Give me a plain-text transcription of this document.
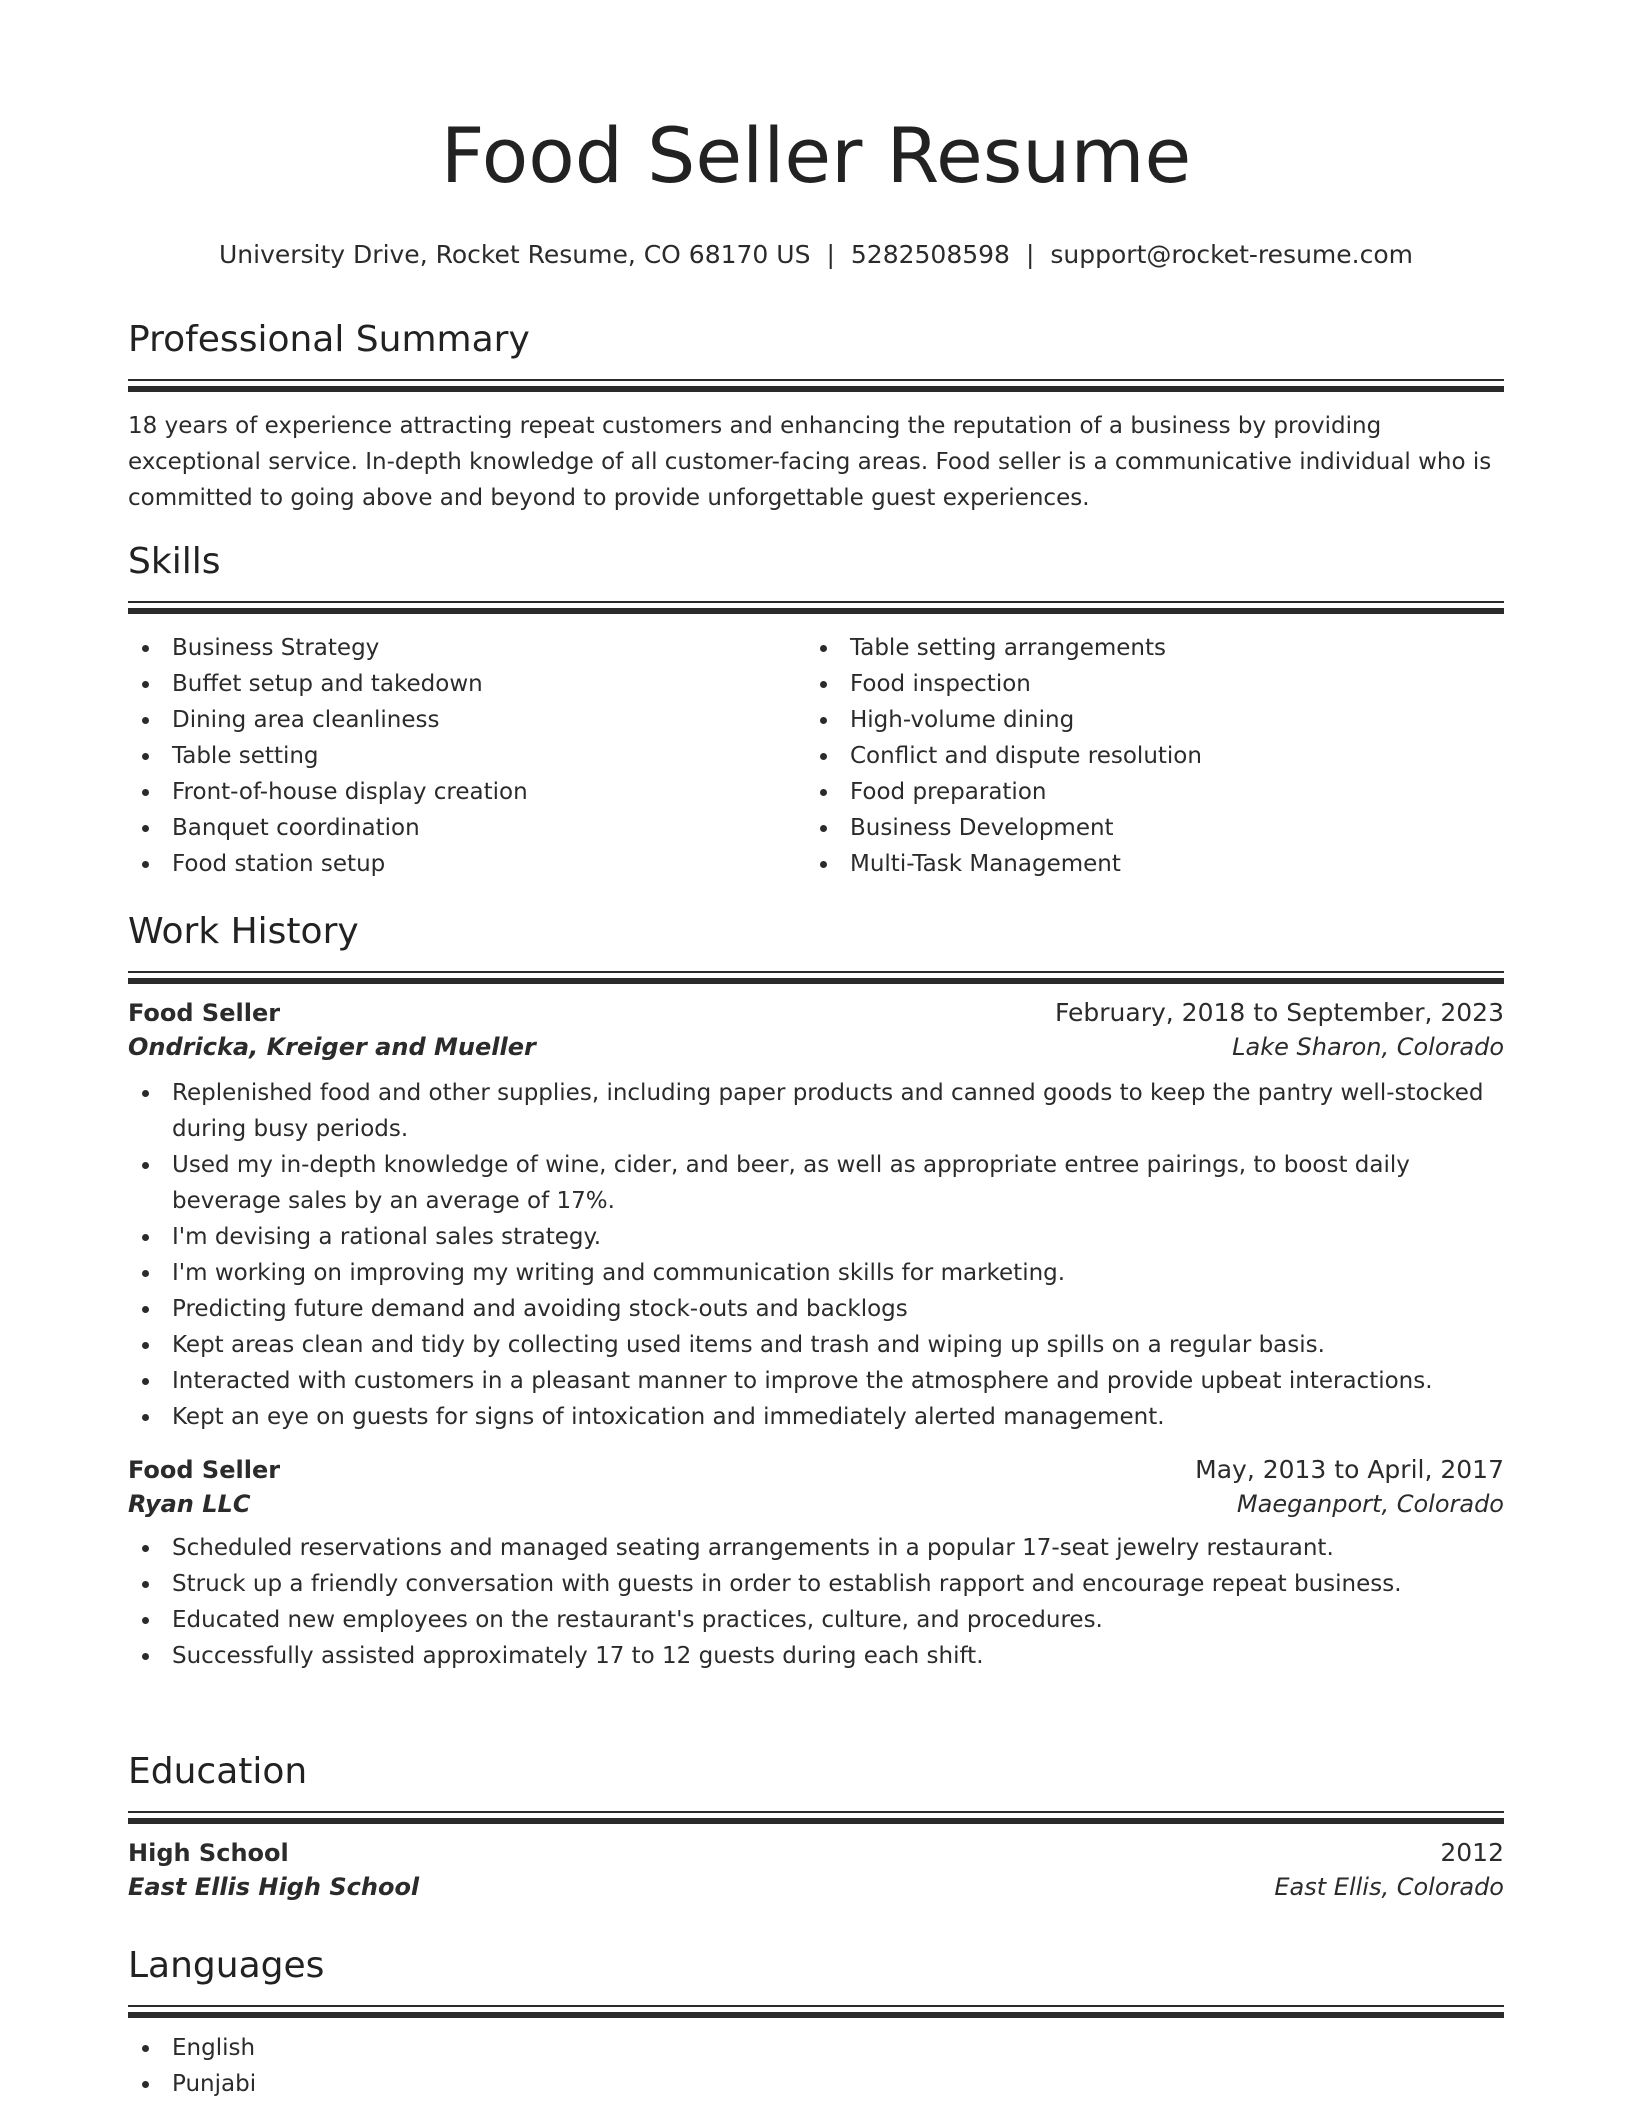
Food Seller Resume
University Drive, Rocket Resume, CO 68170 US | 5282508598 | support@rocket-resume.com
Professional Summary

18 years of experience attracting repeat customers and enhancing the reputation of a business by providing exceptional service. In-depth knowledge of all customer-facing areas. Food seller is a communicative individual who is committed to going above and beyond to provide unforgettable guest experiences.

Skills
Business Strategy
Buffet setup and takedown
Dining area cleanliness
Table setting
Front-of-house display creation
Banquet coordination
Food station setup
Table setting arrangements
Food inspection
High-volume dining
Conflict and dispute resolution
Food preparation
Business Development
Multi-Task Management
Work History
Food Seller	February, 2018 to September, 2023
Ondricka, Kreiger and Mueller	Lake Sharon, Colorado
Replenished food and other supplies, including paper products and canned goods to keep the pantry well-stocked during busy periods.
Used my in-depth knowledge of wine, cider, and beer, as well as appropriate entree pairings, to boost daily beverage sales by an average of 17%.
I'm devising a rational sales strategy.
I'm working on improving my writing and communication skills for marketing.
Predicting future demand and avoiding stock-outs and backlogs
Kept areas clean and tidy by collecting used items and trash and wiping up spills on a regular basis.
Interacted with customers in a pleasant manner to improve the atmosphere and provide upbeat interactions.
Kept an eye on guests for signs of intoxication and immediately alerted management.
Food Seller	May, 2013 to April, 2017
Ryan LLC	Maeganport, Colorado
Scheduled reservations and managed seating arrangements in a popular 17-seat jewelry restaurant.
Struck up a friendly conversation with guests in order to establish rapport and encourage repeat business.
Educated new employees on the restaurant's practices, culture, and procedures.
Successfully assisted approximately 17 to 12 guests during each shift.
Education
High School	2012
East Ellis High School	East Ellis, Colorado
Languages
English
Punjabi
